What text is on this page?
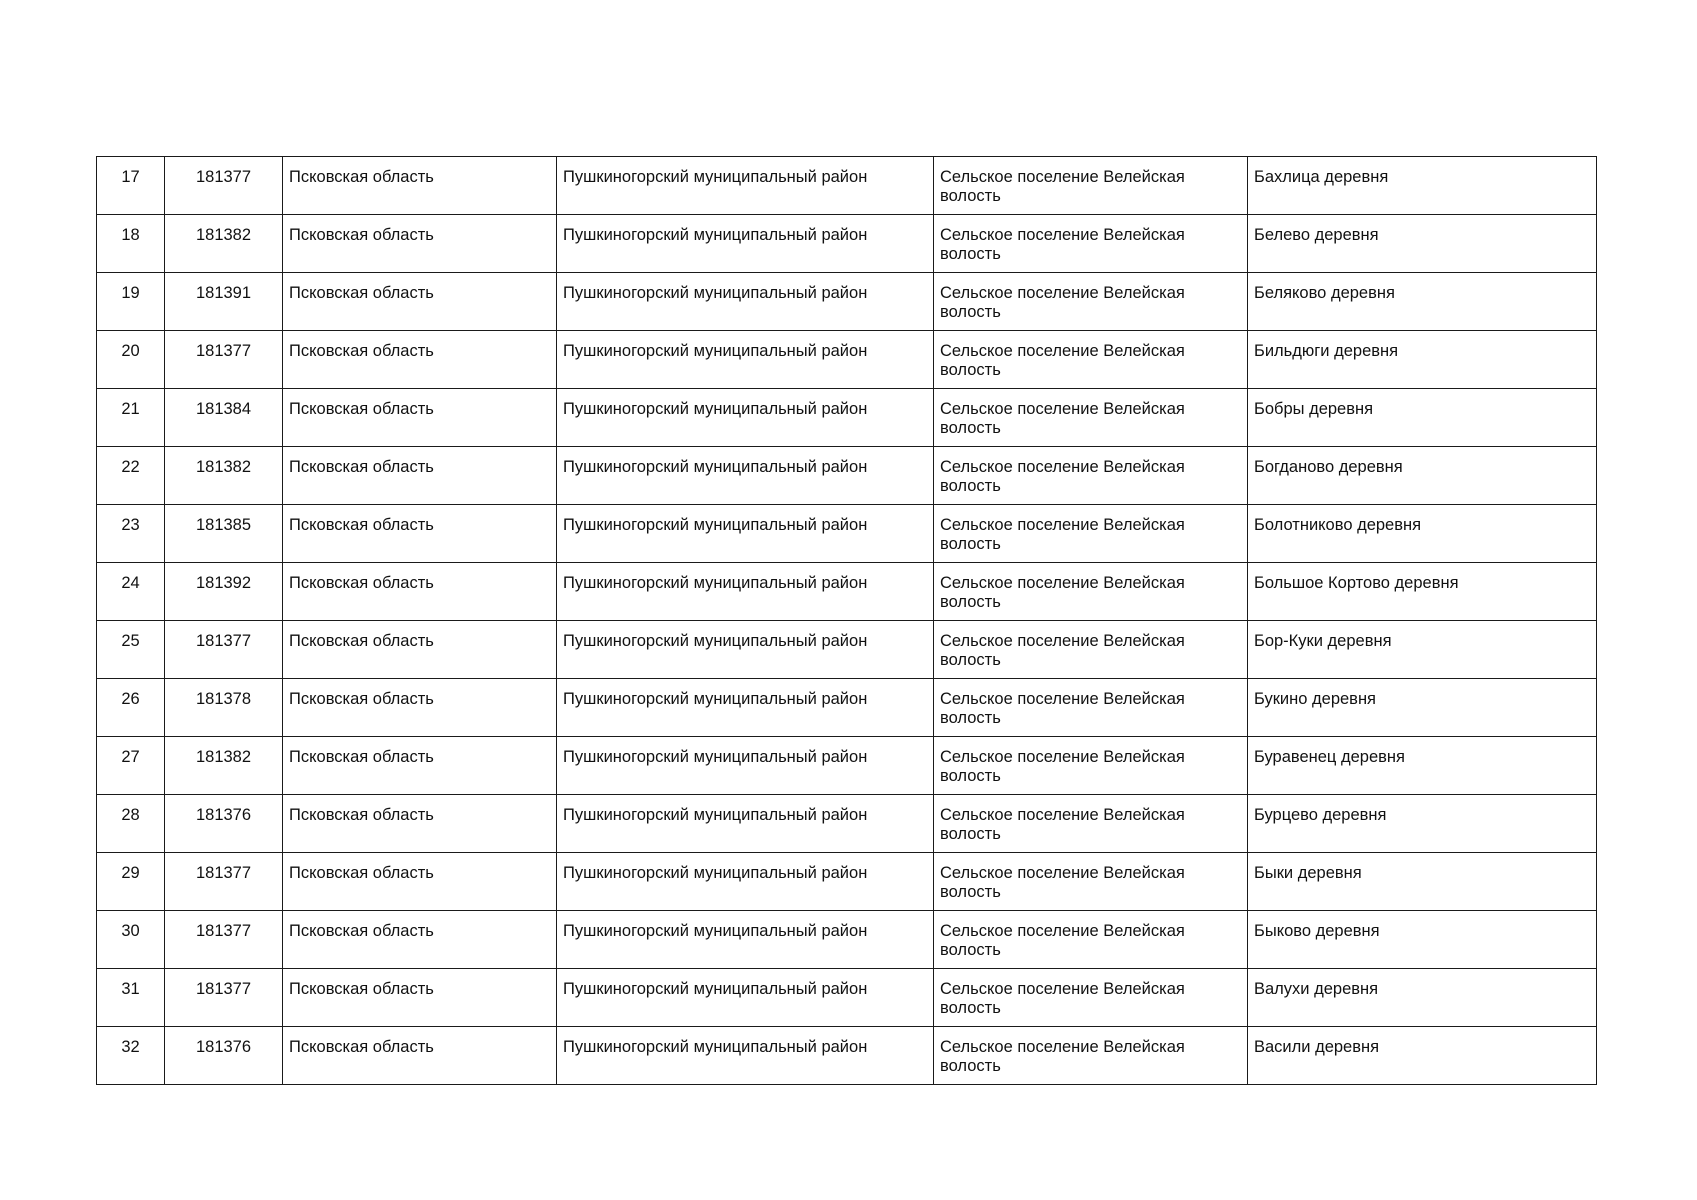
17	181377	Псковская область	Пушкиногорский муниципальный район	Сельское поселение Велейская волость	Бахлица деревня
18	181382	Псковская область	Пушкиногорский муниципальный район	Сельское поселение Велейская волость	Белево деревня
19	181391	Псковская область	Пушкиногорский муниципальный район	Сельское поселение Велейская волость	Беляково деревня
20	181377	Псковская область	Пушкиногорский муниципальный район	Сельское поселение Велейская волость	Бильдюги деревня
21	181384	Псковская область	Пушкиногорский муниципальный район	Сельское поселение Велейская волость	Бобры деревня
22	181382	Псковская область	Пушкиногорский муниципальный район	Сельское поселение Велейская волость	Богданово деревня
23	181385	Псковская область	Пушкиногорский муниципальный район	Сельское поселение Велейская волость	Болотниково деревня
24	181392	Псковская область	Пушкиногорский муниципальный район	Сельское поселение Велейская волость	Большое Кортово деревня
25	181377	Псковская область	Пушкиногорский муниципальный район	Сельское поселение Велейская волость	Бор-Куки деревня
26	181378	Псковская область	Пушкиногорский муниципальный район	Сельское поселение Велейская волость	Букино деревня
27	181382	Псковская область	Пушкиногорский муниципальный район	Сельское поселение Велейская волость	Буравенец деревня
28	181376	Псковская область	Пушкиногорский муниципальный район	Сельское поселение Велейская волость	Бурцево деревня
29	181377	Псковская область	Пушкиногорский муниципальный район	Сельское поселение Велейская волость	Быки деревня
30	181377	Псковская область	Пушкиногорский муниципальный район	Сельское поселение Велейская волость	Быково деревня
31	181377	Псковская область	Пушкиногорский муниципальный район	Сельское поселение Велейская волость	Валухи деревня
32	181376	Псковская область	Пушкиногорский муниципальный район	Сельское поселение Велейская волость	Васили деревня
